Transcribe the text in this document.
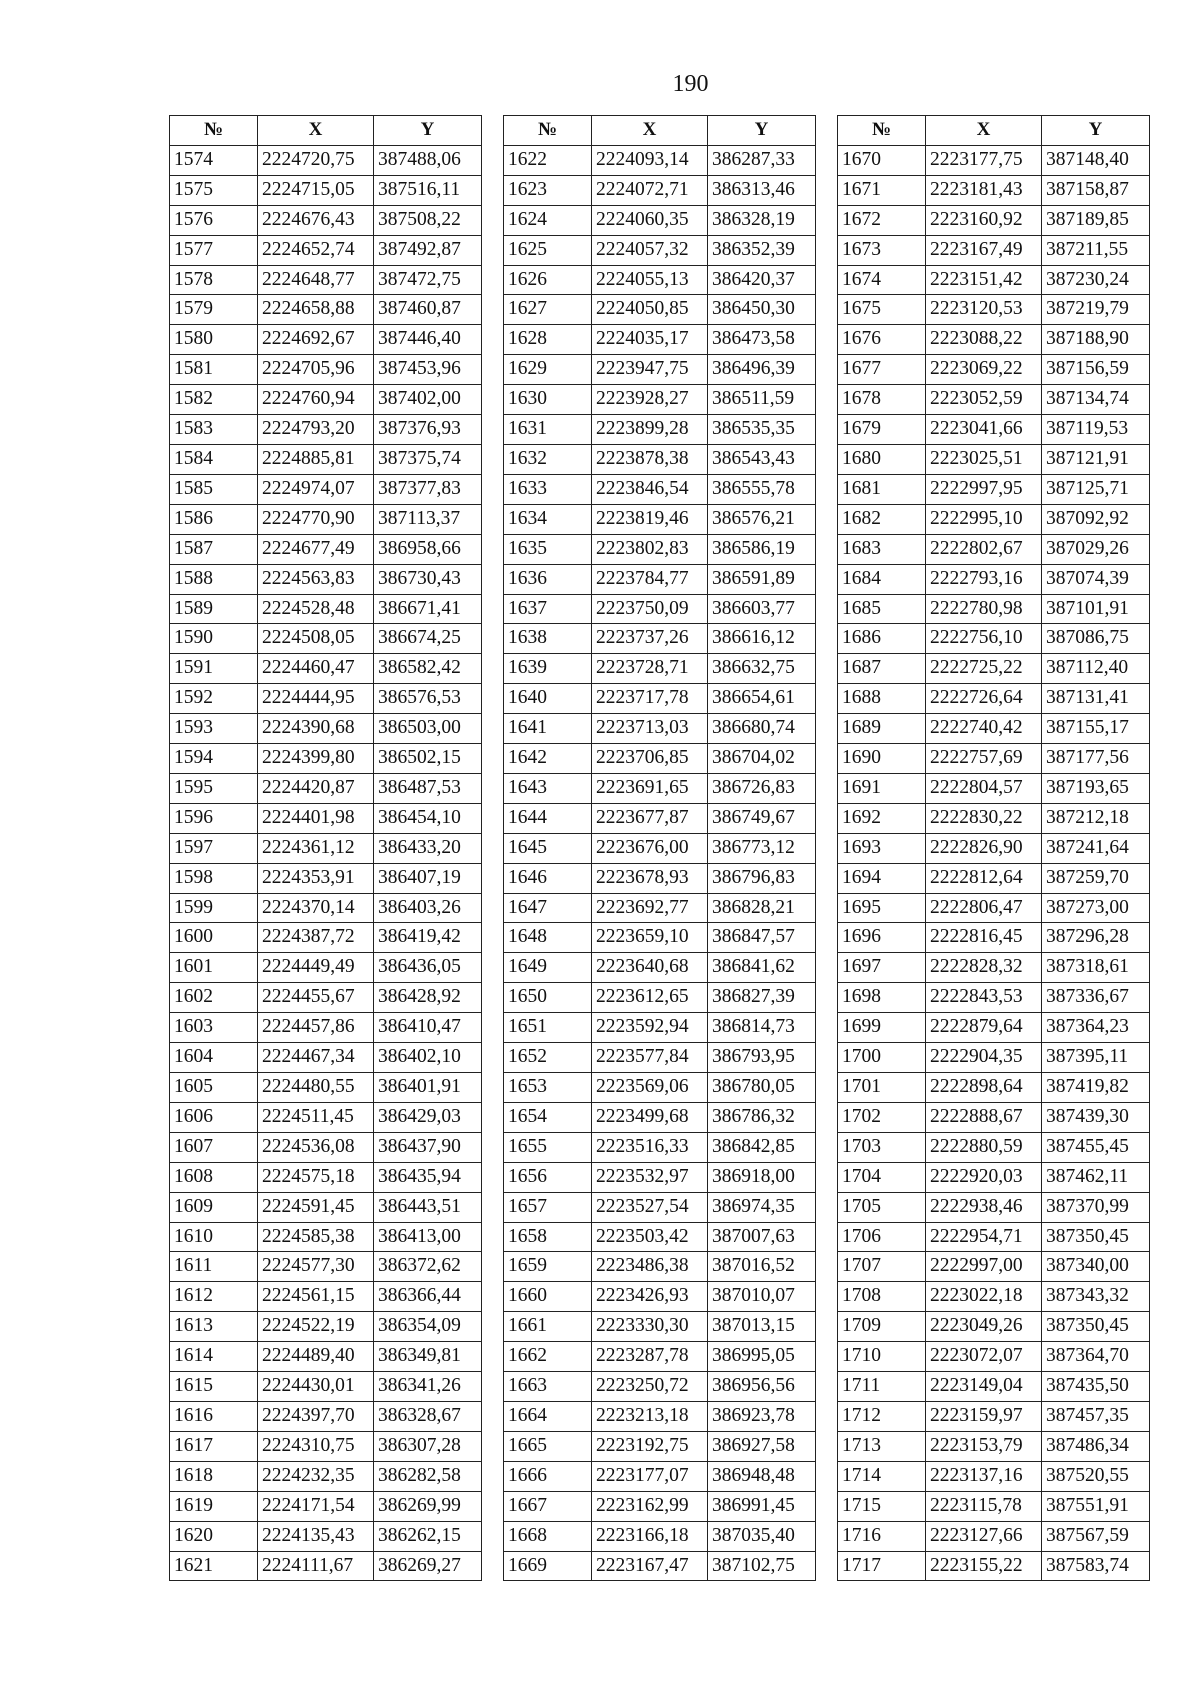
190
№	X	Y
1574	2224720,75	387488,06
1575	2224715,05	387516,11
1576	2224676,43	387508,22
1577	2224652,74	387492,87
1578	2224648,77	387472,75
1579	2224658,88	387460,87
1580	2224692,67	387446,40
1581	2224705,96	387453,96
1582	2224760,94	387402,00
1583	2224793,20	387376,93
1584	2224885,81	387375,74
1585	2224974,07	387377,83
1586	2224770,90	387113,37
1587	2224677,49	386958,66
1588	2224563,83	386730,43
1589	2224528,48	386671,41
1590	2224508,05	386674,25
1591	2224460,47	386582,42
1592	2224444,95	386576,53
1593	2224390,68	386503,00
1594	2224399,80	386502,15
1595	2224420,87	386487,53
1596	2224401,98	386454,10
1597	2224361,12	386433,20
1598	2224353,91	386407,19
1599	2224370,14	386403,26
1600	2224387,72	386419,42
1601	2224449,49	386436,05
1602	2224455,67	386428,92
1603	2224457,86	386410,47
1604	2224467,34	386402,10
1605	2224480,55	386401,91
1606	2224511,45	386429,03
1607	2224536,08	386437,90
1608	2224575,18	386435,94
1609	2224591,45	386443,51
1610	2224585,38	386413,00
1611	2224577,30	386372,62
1612	2224561,15	386366,44
1613	2224522,19	386354,09
1614	2224489,40	386349,81
1615	2224430,01	386341,26
1616	2224397,70	386328,67
1617	2224310,75	386307,28
1618	2224232,35	386282,58
1619	2224171,54	386269,99
1620	2224135,43	386262,15
1621	2224111,67	386269,27
№	X	Y
1622	2224093,14	386287,33
1623	2224072,71	386313,46
1624	2224060,35	386328,19
1625	2224057,32	386352,39
1626	2224055,13	386420,37
1627	2224050,85	386450,30
1628	2224035,17	386473,58
1629	2223947,75	386496,39
1630	2223928,27	386511,59
1631	2223899,28	386535,35
1632	2223878,38	386543,43
1633	2223846,54	386555,78
1634	2223819,46	386576,21
1635	2223802,83	386586,19
1636	2223784,77	386591,89
1637	2223750,09	386603,77
1638	2223737,26	386616,12
1639	2223728,71	386632,75
1640	2223717,78	386654,61
1641	2223713,03	386680,74
1642	2223706,85	386704,02
1643	2223691,65	386726,83
1644	2223677,87	386749,67
1645	2223676,00	386773,12
1646	2223678,93	386796,83
1647	2223692,77	386828,21
1648	2223659,10	386847,57
1649	2223640,68	386841,62
1650	2223612,65	386827,39
1651	2223592,94	386814,73
1652	2223577,84	386793,95
1653	2223569,06	386780,05
1654	2223499,68	386786,32
1655	2223516,33	386842,85
1656	2223532,97	386918,00
1657	2223527,54	386974,35
1658	2223503,42	387007,63
1659	2223486,38	387016,52
1660	2223426,93	387010,07
1661	2223330,30	387013,15
1662	2223287,78	386995,05
1663	2223250,72	386956,56
1664	2223213,18	386923,78
1665	2223192,75	386927,58
1666	2223177,07	386948,48
1667	2223162,99	386991,45
1668	2223166,18	387035,40
1669	2223167,47	387102,75
№	X	Y
1670	2223177,75	387148,40
1671	2223181,43	387158,87
1672	2223160,92	387189,85
1673	2223167,49	387211,55
1674	2223151,42	387230,24
1675	2223120,53	387219,79
1676	2223088,22	387188,90
1677	2223069,22	387156,59
1678	2223052,59	387134,74
1679	2223041,66	387119,53
1680	2223025,51	387121,91
1681	2222997,95	387125,71
1682	2222995,10	387092,92
1683	2222802,67	387029,26
1684	2222793,16	387074,39
1685	2222780,98	387101,91
1686	2222756,10	387086,75
1687	2222725,22	387112,40
1688	2222726,64	387131,41
1689	2222740,42	387155,17
1690	2222757,69	387177,56
1691	2222804,57	387193,65
1692	2222830,22	387212,18
1693	2222826,90	387241,64
1694	2222812,64	387259,70
1695	2222806,47	387273,00
1696	2222816,45	387296,28
1697	2222828,32	387318,61
1698	2222843,53	387336,67
1699	2222879,64	387364,23
1700	2222904,35	387395,11
1701	2222898,64	387419,82
1702	2222888,67	387439,30
1703	2222880,59	387455,45
1704	2222920,03	387462,11
1705	2222938,46	387370,99
1706	2222954,71	387350,45
1707	2222997,00	387340,00
1708	2223022,18	387343,32
1709	2223049,26	387350,45
1710	2223072,07	387364,70
1711	2223149,04	387435,50
1712	2223159,97	387457,35
1713	2223153,79	387486,34
1714	2223137,16	387520,55
1715	2223115,78	387551,91
1716	2223127,66	387567,59
1717	2223155,22	387583,74
